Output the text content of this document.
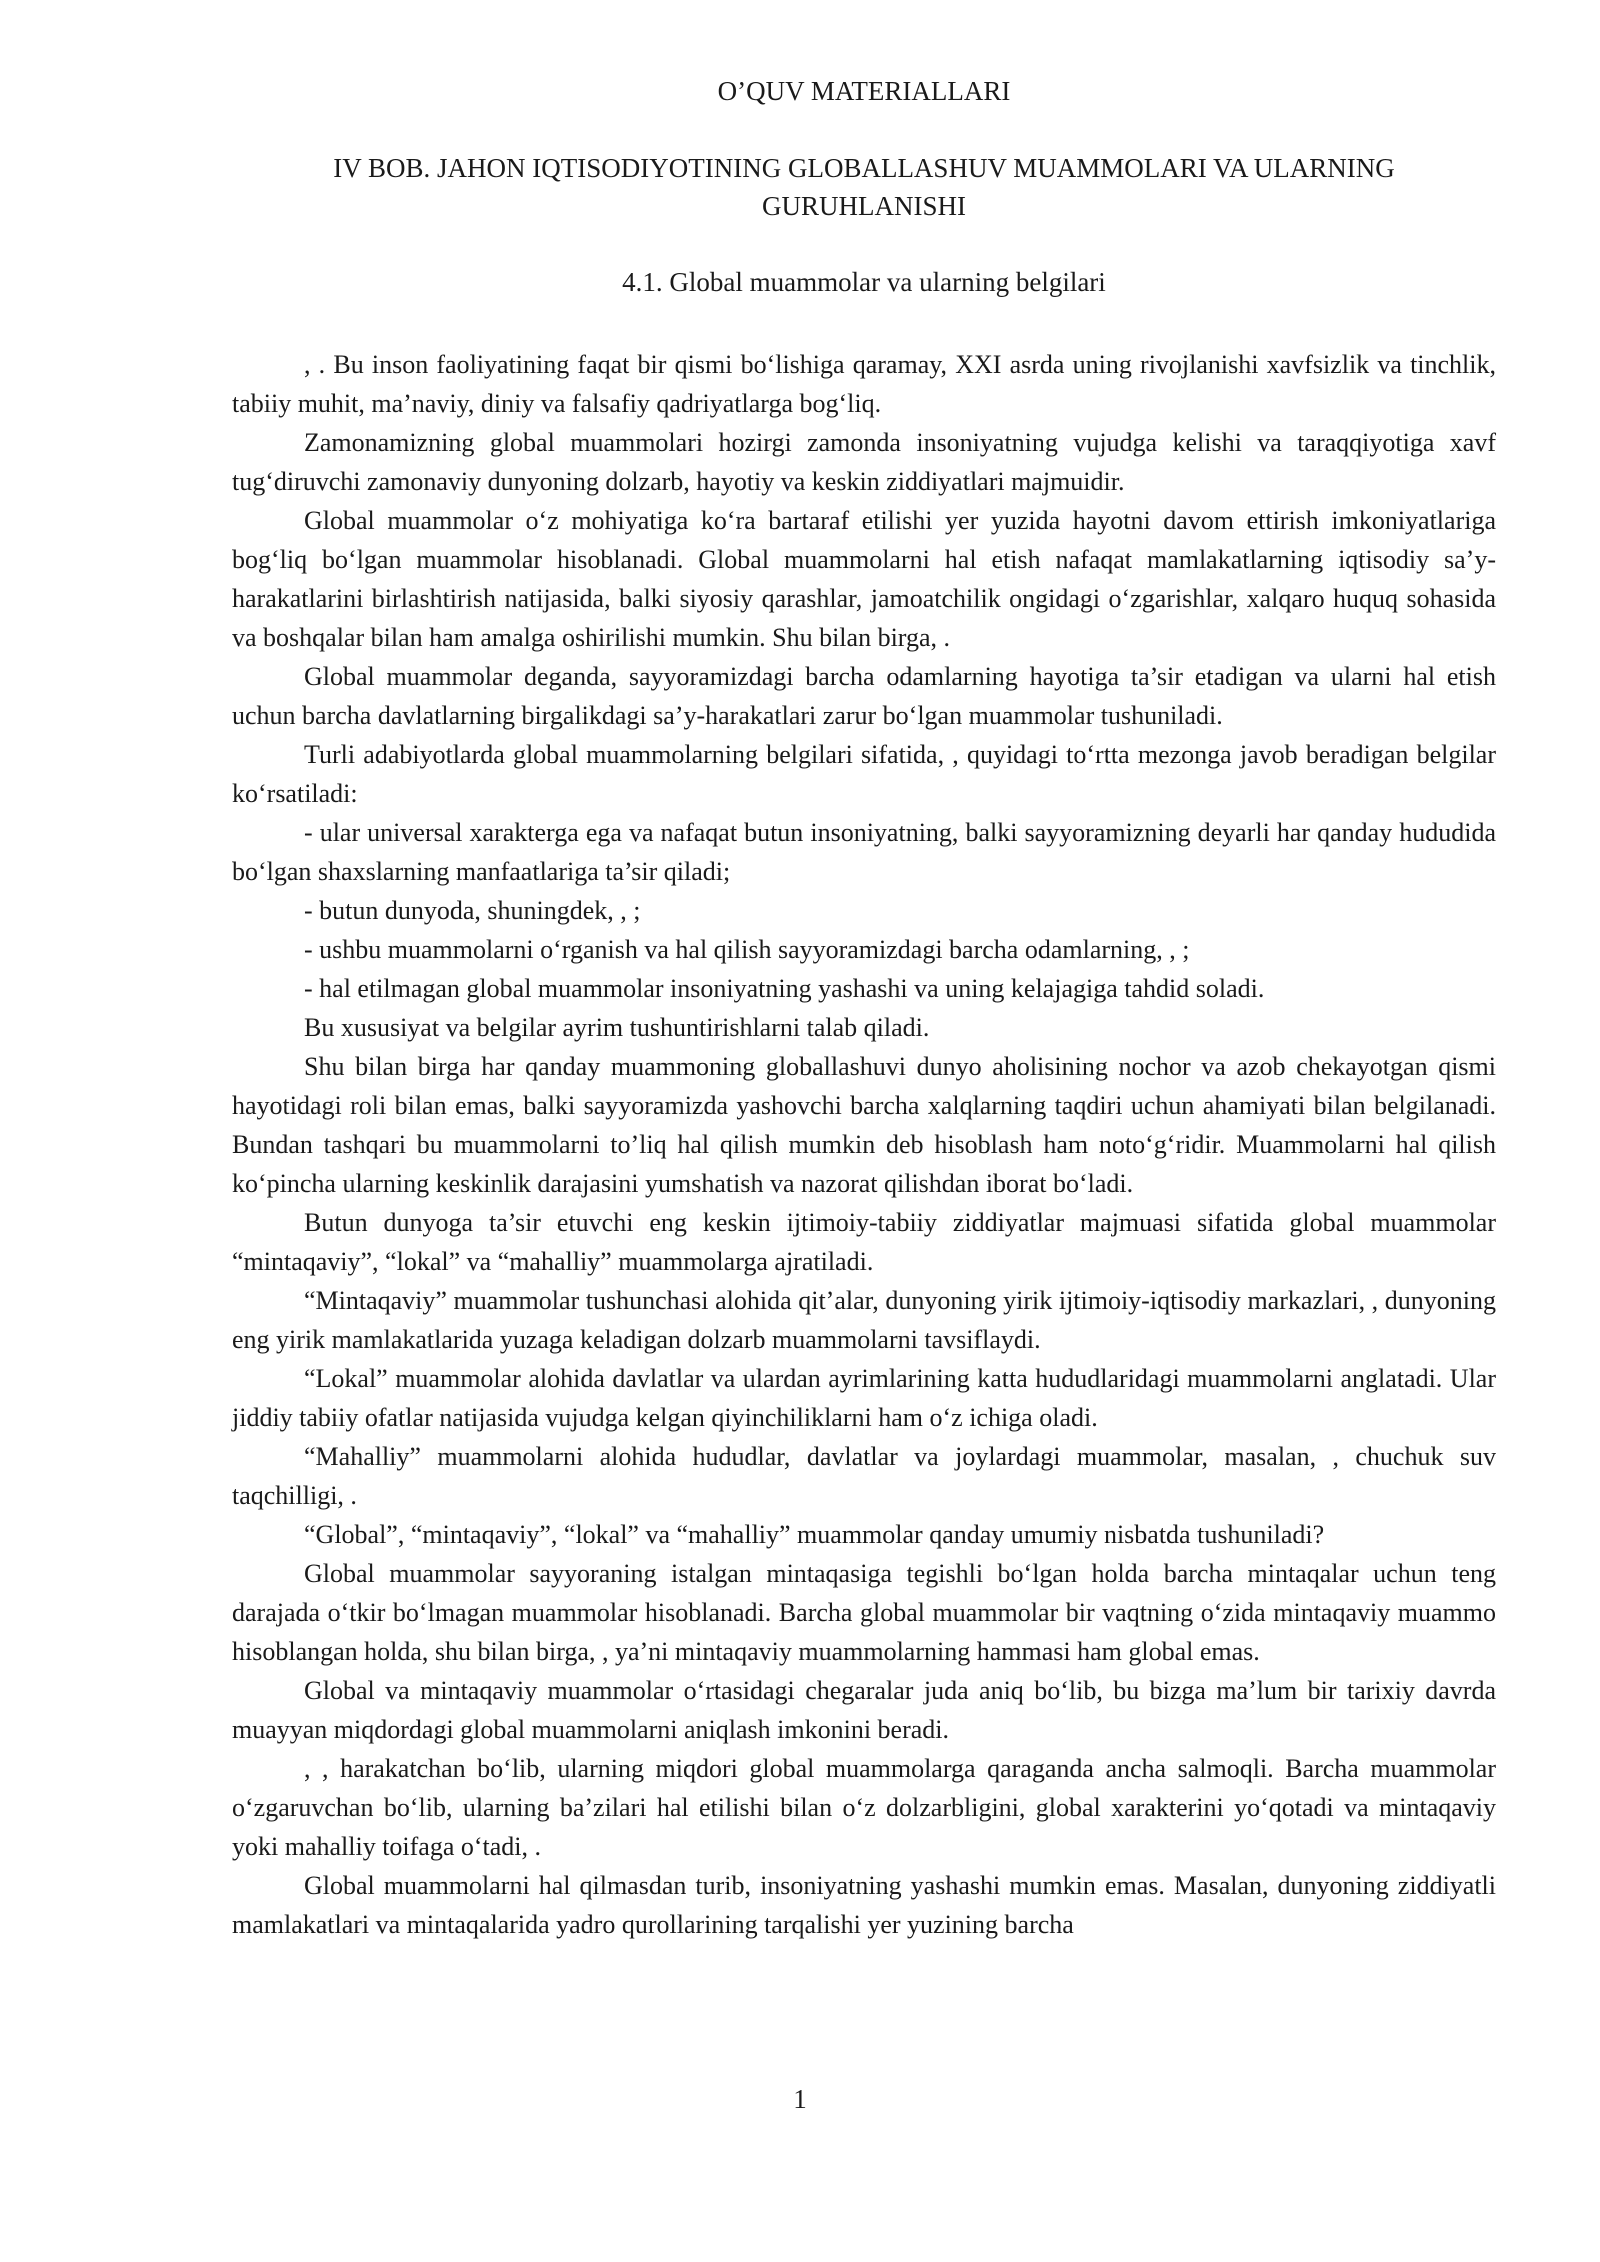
O’QUV MATERIALLARI

IV BOB. JAHON IQTISODIYOTINING GLOBALLASHUV MUAMMOLARI VA ULARNING GURUHLANISHI

4.1. Global muammolar va ularning belgilari

, . Bu inson faoliyatining faqat bir qismi bo‘lishiga qaramay, XXI asrda uning rivojlanishi xavfsizlik va tinchlik, tabiiy muhit, ma’naviy, diniy va falsafiy qadriyatlarga bog‘liq.

Zamonamizning global muammolari hozirgi zamonda insoniyatning vujudga kelishi va taraqqiyotiga xavf tug‘diruvchi zamonaviy dunyoning dolzarb, hayotiy va keskin ziddiyatlari majmuidir.

Global muammolar o‘z mohiyatiga ko‘ra bartaraf etilishi yer yuzida hayotni davom ettirish imkoniyatlariga bog‘liq bo‘lgan muammolar hisoblanadi. Global muammolarni hal etish nafaqat mamlakatlarning iqtisodiy sa’y-harakatlarini birlashtirish natijasida, balki siyosiy qarashlar, jamoatchilik ongidagi o‘zgarishlar, xalqaro huquq sohasida va boshqalar bilan ham amalga oshirilishi mumkin. Shu bilan birga, .

Global muammolar deganda, sayyoramizdagi barcha odamlarning hayotiga ta’sir etadigan va ularni hal etish uchun barcha davlatlarning birgalikdagi sa’y-harakatlari zarur bo‘lgan muammolar tushuniladi.

Turli adabiyotlarda global muammolarning belgilari sifatida, , quyidagi to‘rtta mezonga javob beradigan belgilar ko‘rsatiladi:

- ular universal xarakterga ega va nafaqat butun insoniyatning, balki sayyoramizning deyarli har qanday hududida bo‘lgan shaxslarning manfaatlariga ta’sir qiladi;

- butun dunyoda, shuningdek, , ;

- ushbu muammolarni o‘rganish va hal qilish sayyoramizdagi barcha odamlarning, , ;

- hal etilmagan global muammolar insoniyatning yashashi va uning kelajagiga tahdid soladi.

Bu xususiyat va belgilar ayrim tushuntirishlarni talab qiladi.

Shu bilan birga har qanday muammoning globallashuvi dunyo aholisining nochor va azob chekayotgan qismi hayotidagi roli bilan emas, balki sayyoramizda yashovchi barcha xalqlarning taqdiri uchun ahamiyati bilan belgilanadi. Bundan tashqari bu muammolarni to’liq hal qilish mumkin deb hisoblash ham noto‘g‘ridir. Muammolarni hal qilish ko‘pincha ularning keskinlik darajasini yumshatish va nazorat qilishdan iborat bo‘ladi.

Butun dunyoga ta’sir etuvchi eng keskin ijtimoiy-tabiiy ziddiyatlar majmuasi sifatida global muammolar “mintaqaviy”, “lokal” va “mahalliy” muammolarga ajratiladi.

“Mintaqaviy” muammolar tushunchasi alohida qit’alar, dunyoning yirik ijtimoiy-iqtisodiy markazlari, , dunyoning eng yirik mamlakatlarida yuzaga keladigan dolzarb muammolarni tavsiflaydi.

“Lokal” muammolar alohida davlatlar va ulardan ayrimlarining katta hududlaridagi muammolarni anglatadi. Ular jiddiy tabiiy ofatlar natijasida vujudga kelgan qiyinchiliklarni ham o‘z ichiga oladi.

“Mahalliy” muammolarni alohida hududlar, davlatlar va joylardagi muammolar, masalan, , chuchuk suv taqchilligi, .

“Global”, “mintaqaviy”, “lokal” va “mahalliy” muammolar qanday umumiy nisbatda tushuniladi?

Global muammolar sayyoraning istalgan mintaqasiga tegishli bo‘lgan holda barcha mintaqalar uchun teng darajada o‘tkir bo‘lmagan muammolar hisoblanadi. Barcha global muammolar bir vaqtning o‘zida mintaqaviy muammo hisoblangan holda, shu bilan birga, , ya’ni mintaqaviy muammolarning hammasi ham global emas.

Global va mintaqaviy muammolar o‘rtasidagi chegaralar juda aniq bo‘lib, bu bizga ma’lum bir tarixiy davrda muayyan miqdordagi global muammolarni aniqlash imkonini beradi.

, , harakatchan bo‘lib, ularning miqdori global muammolarga qaraganda ancha salmoqli. Barcha muammolar o‘zgaruvchan bo‘lib, ularning ba’zilari hal etilishi bilan o‘z dolzarbligini, global xarakterini yo‘qotadi va mintaqaviy yoki mahalliy toifaga o‘tadi, .

Global muammolarni hal qilmasdan turib, insoniyatning yashashi mumkin emas. Masalan, dunyoning ziddiyatli mamlakatlari va mintaqalarida yadro qurollarining tarqalishi yer yuzining barcha

1
